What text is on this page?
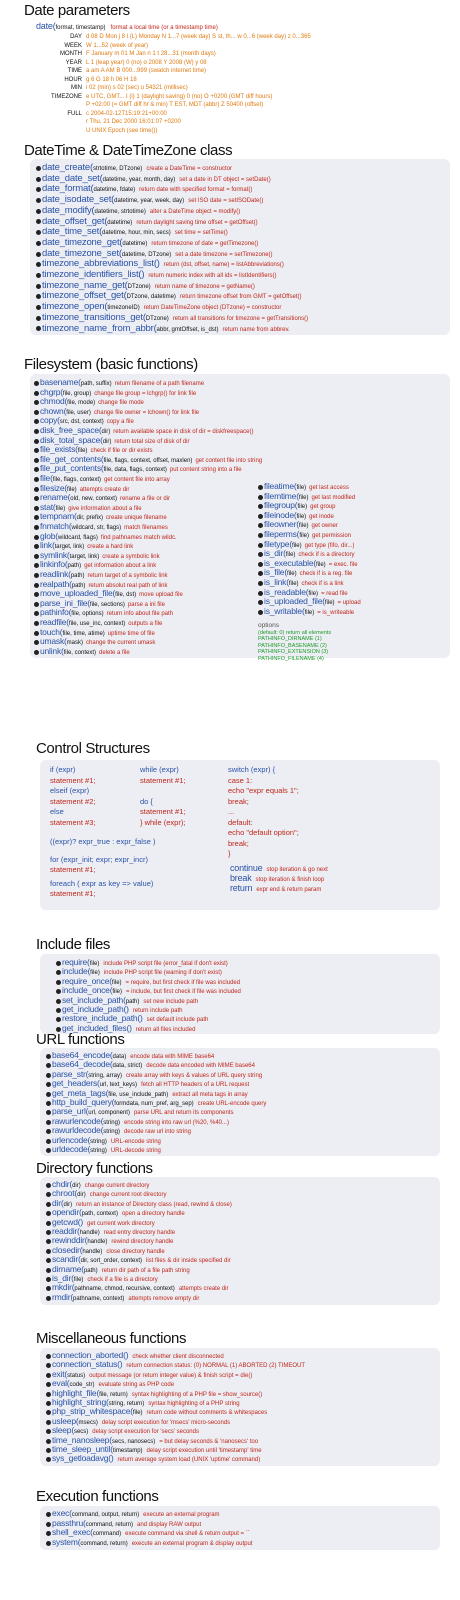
Date parameters
date(format, timestamp) format a local time (or a timestamp time)
DAY d 08 D Mon j 8 l (L) Monday N 1...7 (week day) S st, th... w 0...6 (week day) z 0...365
WEEK W 1...52 (week of year)
MONTH F January m 01 M Jan n 1 t 28...31 (month days)
YEAR L 1 (leap year) 0 (no) o 2008 Y 2008 (W) y 08
TIME a am A AM B 000...999 (swatch internet time)
HOUR g 6 G 18 h 06 H 18
MIN i 02 (min) s 02 (sec) u 54321 (millisec)
TIMEZONE e UTC, GMT... I (i) 1 (daylight saving) 0 (no) O +0200 (GMT diff hours)
P +02:00 (= GMT diff hr & min) T EST, MDT (abbr) Z 50400 (offset)
FULL c 2004-02-12T15:19:21+00:00
r Thu, 21 Dec 2000 16:01:07 +0200
U UNIX Epoch (see time())
DateTime & DateTimeZone class
date_create(strtotime, DTzone) create a DateTime = constructor
date_date_set(datetime, year, month, day) set a date in DT object = setDate()
date_format(datetime, fdate) return date with specified format = format()
date_isodate_set(datetime, year, week, day) set ISO date = setISODate()
date_modify(datetime, strtotime) alter a DateTime object = modify()
date_offset_get(datetime) return daylight saving time offset = getOffset()
date_time_set(datetime, hour, min, secs) set time = setTime()
date_timezone_get(datetime) return timezone of date = getTimezone()
date_timezone_set(datetime, DTzone) set a date timezone = setTimezone()
timezone_abbreviations_list() return (dst, offset, name) = listAbbreviations()
timezone_identifiers_list() return numeric index with all ids = listIdentifiers()
timezone_name_get(DTzone) return name of timezone = getName()
timezone_offset_get(DTzone, datetime) return timezone offset from GMT = getOffset()
timezone_open(timezoneID) return DateTimeZone object (DTzone) = constructor
timezone_transitions_get(DTzone) return all transitions for timezone = getTransitions()
timezone_name_from_abbr(abbr, gmtOffset, is_dst) return name from abbrev.
Filesystem (basic functions)
basename(path, suffix) return filename of a path filename
chgrp(file, group) change file group = lchgrp() for link file
chmod(file, mode) change file mode
chown(file, user) change file owner = lchown() for link file
copy(src, dst, context) copy a file
disk_free_space(dir) return available space in disk of dir = diskfreespace()
disk_total_space(dir) return total size of disk of dir
file_exists(file) check if file or dir exists
file_get_contents(file, flags, context, offset, maxlen) get content file into string
file_put_contents(file, data, flags, context) put content string into a file
file(file, flags, context) get content file into array
filesize(file) attempts create dir
rename(old, new, context) rename a file or dir
stat(file) give information about a file
tempnam(dir, prefix) create unique filename
fnmatch(wildcard, str, flags) match filenames
glob(wildcard, flags) find pathnames match wildc.
link(target, link) create a hard link
symlink(target, link) create a symbolic link
linkinfo(path) get information about a link
readlink(path) return target of a symbolic link
realpath(path) return absolut real path of link
move_uploaded_file(file, dst) move upload file
parse_ini_file(file, sections) parse a ini file
pathinfo(file, options) return info about file path
readfile(file, use_inc, context) outputs a file
touch(file, time, atime) uptime time of file
umask(mask) change the current umask
unlink(file, context) delete a file
fileatime(file) get last access
filemtime(file) get last modified
filegroup(file) get group
fileinode(file) get inode
fileowner(file) get owner
fileperms(file) get permission
filetype(file) get type (fifo, dir...)
is_dir(file) check if is a directory
is_executable(file) = exec. file
is_file(file) check if is a reg. file
is_link(file) check if is a link
is_readable(file) = read file
is_uploaded_file(file) = upload
is_writable(file) = is_writeable
options
(default: 0) return all elements
PATHINFO_DIRNAME (1)
PATHINFO_BASENAME (2)
PATHINFO_EXTENSION (3)
PATHINFO_FILENAME (4)
Control Structures
if (expr)
statement #1;
elseif (expr)
statement #2;
else
statement #3;
while (expr)
statement #1;
do {
statement #1;
} while (expr);
switch (expr) {
case 1:
echo "expr equals 1";
break;
...
default:
echo "default option";
break;
}
((expr)? expr_true : expr_false )
for (expr_init; expr; expr_incr)
statement #1;
foreach ( expr as key => value)
statement #1;
continue stop iteration & go next
break stop iteration & finish loop
return expr end & return param
Include files
require(file) include PHP script file (error_fatal if don't exist)
include(file) include PHP script file (warning if don't exist)
require_once(file) = require, but first check if file was included
include_once(file) = include, but first check if file was included
set_include_path(path) set new include path
get_include_path() return include path
restore_include_path() set default include path
get_included_files() return all files included
URL functions
base64_encode(data) encode data with MIME base64
base64_decode(data, strict) decode data encoded with MIME base64
parse_str(string, array) create array with keys & values of URL query string
get_headers(url, text_keys) fetch all HTTP headers of a URL request
get_meta_tags(file, use_include_path) extract all meta tags in array
http_build_query(formdata, num_pref, arg_sep) create URL-encode query
parse_url(url, component) parse URL and return its components
rawurlencode(string) encode string into raw url (%20, %40...)
rawurldecode(string) decode raw url into string
urlencode(string) URL-encode string
urldecode(string) URL-decode string
Directory functions
chdir(dir) change current directory
chroot(dir) change current root directory
dir(dir) return an instance of Directory class (read, rewind & close)
opendir(path, context) open a directory handle
getcwd() get current work directory
readdir(handle) read entry directory handle
rewinddir(handle) rewind directory handle
closedir(handle) close directory handle
scandir(dir, sort_order, context) list files & dir inside specified dir
dirname(path) return dir path of a file path string
is_dir(file) check if a file is a directory
mkdir(pathname, chmod, recursive, context) attempts create dir
rmdir(pathname, context) attempts remove empty dir
Miscellaneous functions
connection_aborted() check whether client disconnected
connection_status() return connection status: (0) NORMAL (1) ABORTED (2) TIMEOUT
exit(status) output message (or return integer value) & finish script = die()
eval(code_str) evaluate string as PHP code
highlight_file(file, return) syntax highlighting of a PHP file = show_source()
highlight_string(string, return) syntax highlighting of a PHP string
php_strip_whitespace(file) return code without comments & whitespaces
usleep(msecs) delay script execution for 'msecs' micro-seconds
sleep(secs) delay script execution for 'secs' seconds
time_nanosleep(secs, nanosecs) = but delay seconds & 'nanosecs' too
time_sleep_until(timestamp) delay script execution until 'timestamp' time
sys_getloadavg() return average system load (UNIX 'uptime' command)
Execution functions
exec(command, output, return) execute an external program
passthru(command, return) and display RAW output
shell_exec(command) execute command via shell & return output = ``
system(command, return) execute an external program & display output
